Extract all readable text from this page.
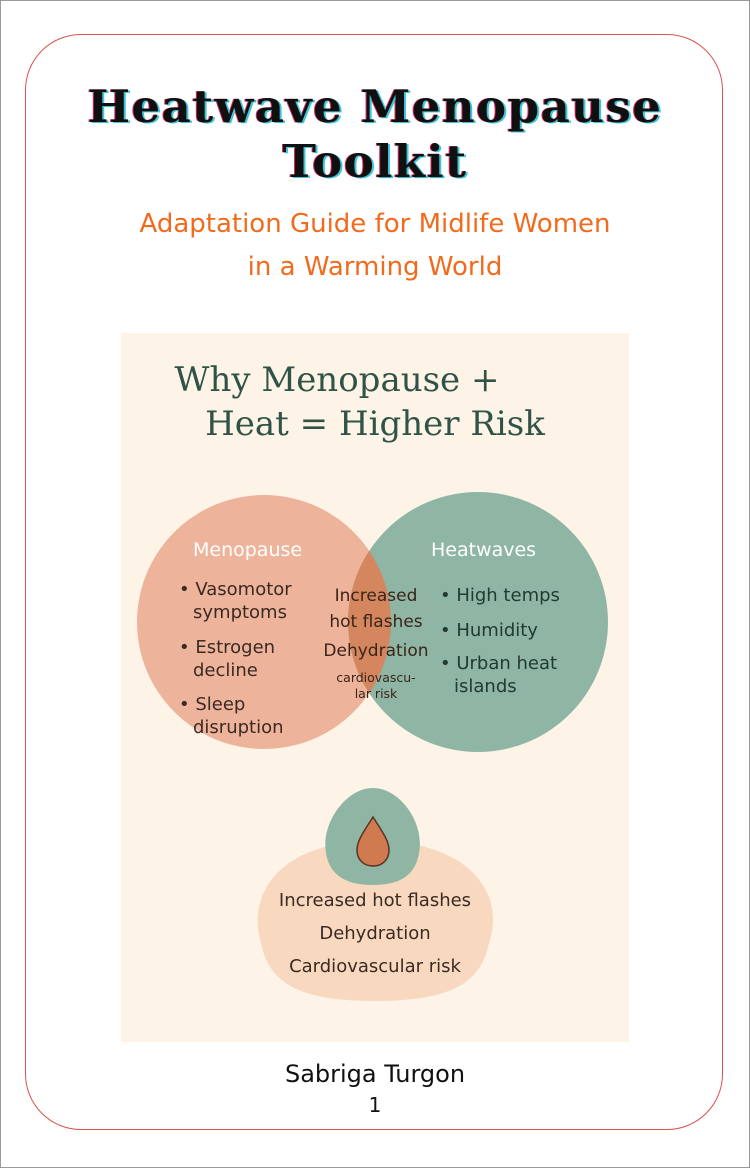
Heatwave Menopause
Toolkit
Adaptation Guide for Midlife Women
in a Warming World
Why Menopause +
Heat = Higher Risk
Menopause	Heatwaves
• Vasomotor
symptoms
• Estrogen
decline
• Sleep
disruption
• High temps
• Humidity
• Urban heat
islands
Increased
hot flashes
Dehydration
cardiovascu-
lar risk
Increased hot flashes
Dehydration
Cardiovascular risk
Sabriga Turgon
1
